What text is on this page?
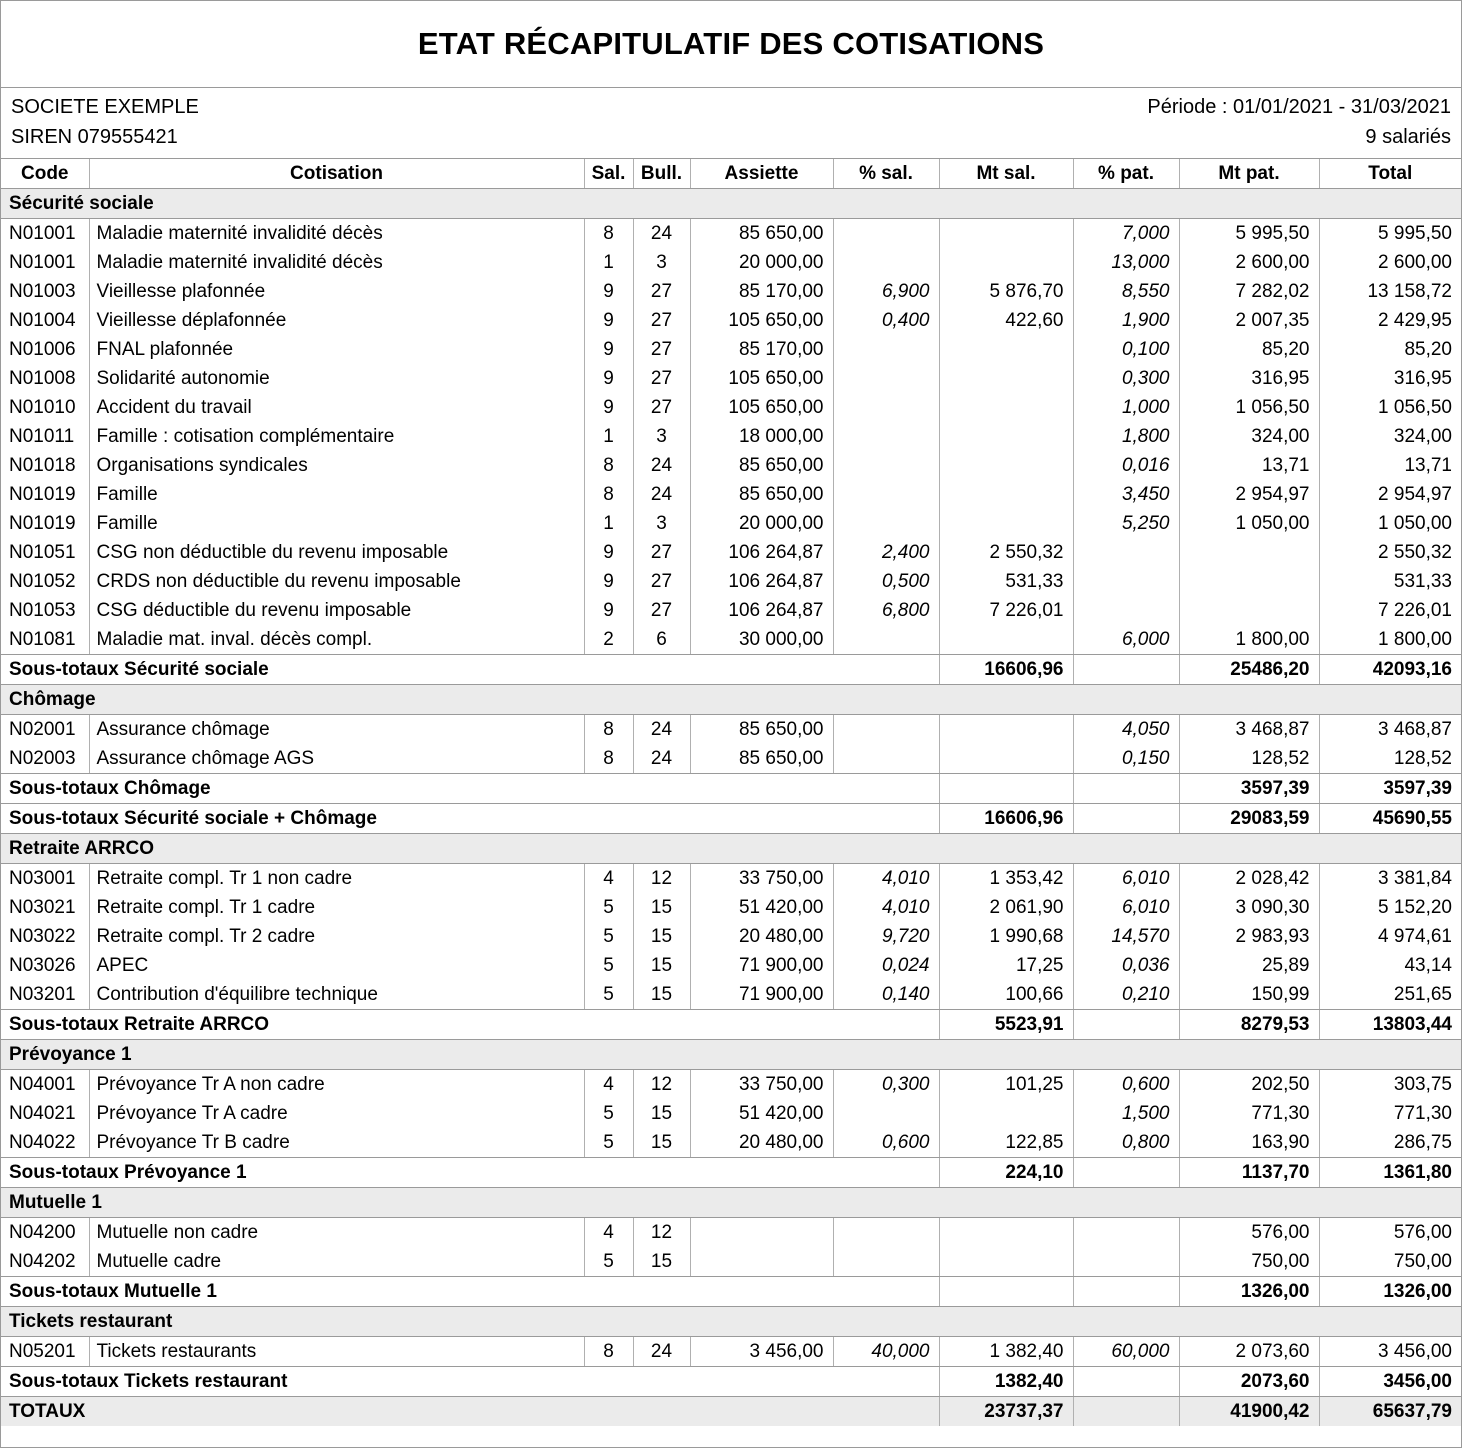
ETAT RÉCAPITULATIF DES COTISATIONS
SOCIETE EXEMPLE
SIREN 079555421
Période : 01/01/2021 - 31/03/2021
9 salariés
Code	Cotisation	Sal.	Bull.	Assiette	% sal.	Mt sal.	% pat.	Mt pat.	Total
Sécurité sociale									
N01001	Maladie maternité invalidité décès	8	24	85 650,00			7,000	5 995,50	5 995,50
N01001	Maladie maternité invalidité décès	1	3	20 000,00			13,000	2 600,00	2 600,00
N01003	Vieillesse plafonnée	9	27	85 170,00	6,900	5 876,70	8,550	7 282,02	13 158,72
N01004	Vieillesse déplafonnée	9	27	105 650,00	0,400	422,60	1,900	2 007,35	2 429,95
N01006	FNAL plafonnée	9	27	85 170,00			0,100	85,20	85,20
N01008	Solidarité autonomie	9	27	105 650,00			0,300	316,95	316,95
N01010	Accident du travail	9	27	105 650,00			1,000	1 056,50	1 056,50
N01011	Famille : cotisation complémentaire	1	3	18 000,00			1,800	324,00	324,00
N01018	Organisations syndicales	8	24	85 650,00			0,016	13,71	13,71
N01019	Famille	8	24	85 650,00			3,450	2 954,97	2 954,97
N01019	Famille	1	3	20 000,00			5,250	1 050,00	1 050,00
N01051	CSG non déductible du revenu imposable	9	27	106 264,87	2,400	2 550,32			2 550,32
N01052	CRDS non déductible du revenu imposable	9	27	106 264,87	0,500	531,33			531,33
N01053	CSG déductible du revenu imposable	9	27	106 264,87	6,800	7 226,01			7 226,01
N01081	Maladie mat. inval. décès compl.	2	6	30 000,00			6,000	1 800,00	1 800,00
Sous-totaux Sécurité sociale						16606,96		25486,20	42093,16
Chômage									
N02001	Assurance chômage	8	24	85 650,00			4,050	3 468,87	3 468,87
N02003	Assurance chômage AGS	8	24	85 650,00			0,150	128,52	128,52
Sous-totaux Chômage								3597,39	3597,39
Sous-totaux Sécurité sociale + Chômage						16606,96		29083,59	45690,55
Retraite ARRCO									
N03001	Retraite compl. Tr 1 non cadre	4	12	33 750,00	4,010	1 353,42	6,010	2 028,42	3 381,84
N03021	Retraite compl. Tr 1 cadre	5	15	51 420,00	4,010	2 061,90	6,010	3 090,30	5 152,20
N03022	Retraite compl. Tr 2 cadre	5	15	20 480,00	9,720	1 990,68	14,570	2 983,93	4 974,61
N03026	APEC	5	15	71 900,00	0,024	17,25	0,036	25,89	43,14
N03201	Contribution d'équilibre technique	5	15	71 900,00	0,140	100,66	0,210	150,99	251,65
Sous-totaux Retraite ARRCO						5523,91		8279,53	13803,44
Prévoyance 1									
N04001	Prévoyance Tr A non cadre	4	12	33 750,00	0,300	101,25	0,600	202,50	303,75
N04021	Prévoyance Tr A cadre	5	15	51 420,00			1,500	771,30	771,30
N04022	Prévoyance Tr B cadre	5	15	20 480,00	0,600	122,85	0,800	163,90	286,75
Sous-totaux Prévoyance 1						224,10		1137,70	1361,80
Mutuelle 1									
N04200	Mutuelle non cadre	4	12					576,00	576,00
N04202	Mutuelle cadre	5	15					750,00	750,00
Sous-totaux Mutuelle 1								1326,00	1326,00
Tickets restaurant									
N05201	Tickets restaurants	8	24	3 456,00	40,000	1 382,40	60,000	2 073,60	3 456,00
Sous-totaux Tickets restaurant						1382,40		2073,60	3456,00
TOTAUX						23737,37		41900,42	65637,79
